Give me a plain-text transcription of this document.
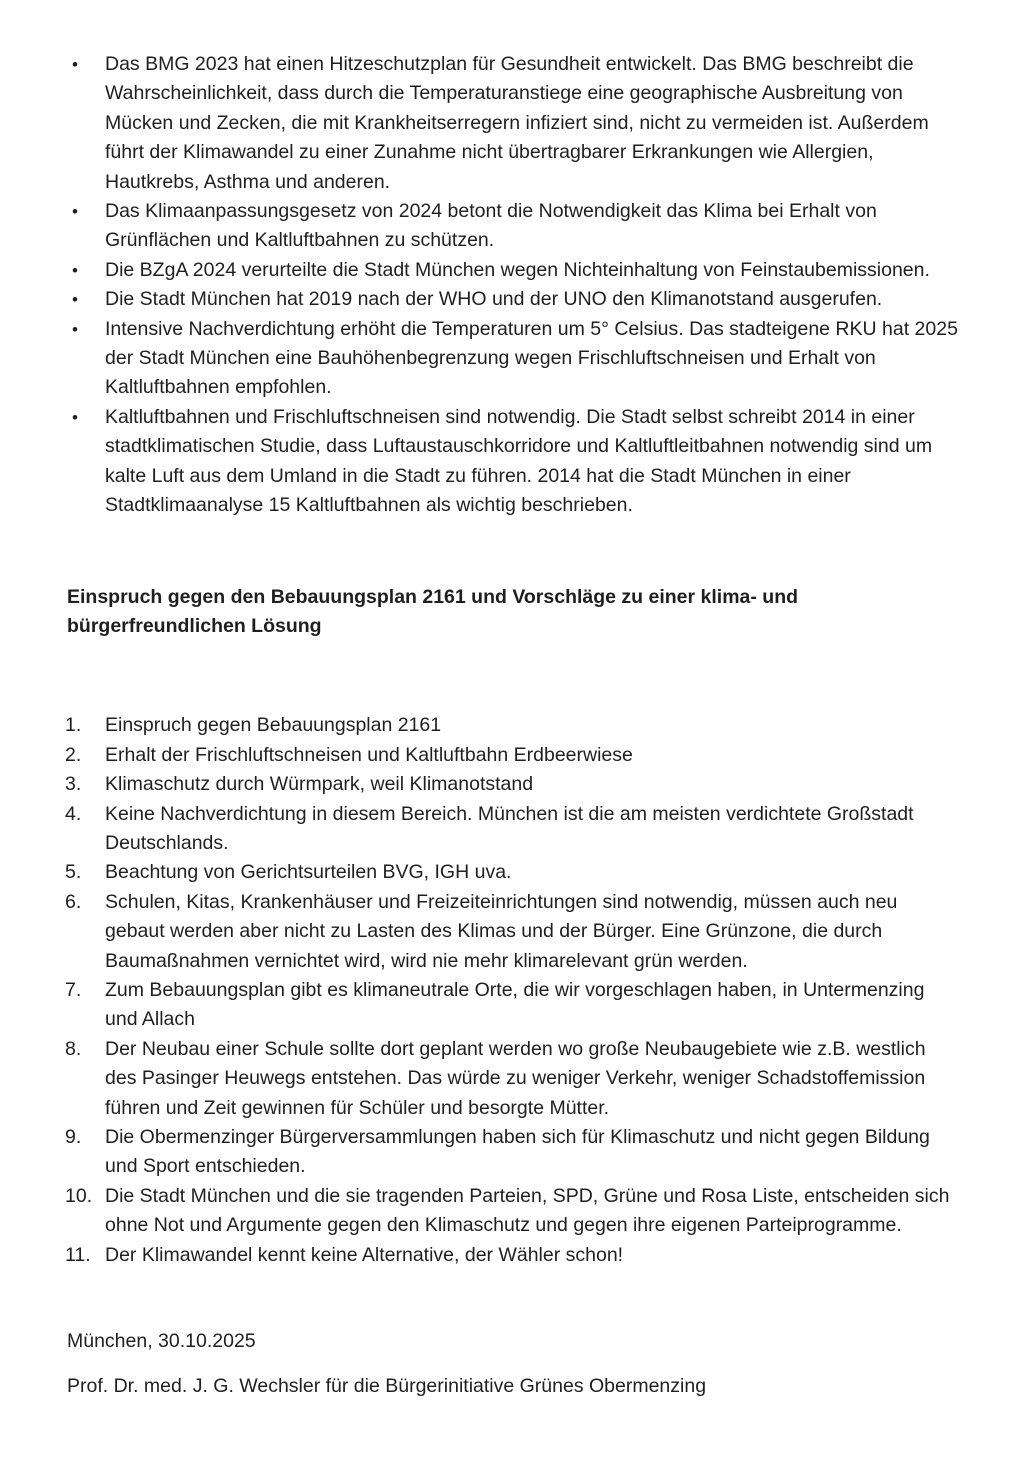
•	Das BMG 2023 hat einen Hitzeschutzplan für Gesundheit entwickelt. Das BMG beschreibt die Wahrscheinlichkeit, dass durch die Temperaturanstiege eine geographische Ausbreitung von Mücken und Zecken, die mit Krankheitserregern infiziert sind, nicht zu vermeiden ist. Außerdem führt der Klimawandel zu einer Zunahme nicht übertragbarer Erkrankungen wie Allergien, Hautkrebs, Asthma und anderen.
•	Das Klimaanpassungsgesetz von 2024 betont die Notwendigkeit das Klima bei Erhalt von Grünflächen und Kaltluftbahnen zu schützen.
•	Die BZgA 2024 verurteilte die Stadt München wegen Nichteinhaltung von Feinstaubemissionen.
•	Die Stadt München hat 2019 nach der WHO und der UNO den Klimanotstand ausgerufen.
•	Intensive Nachverdichtung erhöht die Temperaturen um 5° Celsius. Das stadteigene RKU hat 2025 der Stadt München eine Bauhöhenbegrenzung wegen Frischluftschneisen und Erhalt von Kaltluftbahnen empfohlen.
•	Kaltluftbahnen und Frischluftschneisen sind notwendig. Die Stadt selbst schreibt 2014 in einer stadtklimatischen Studie, dass Luftaustauschkorridore und Kaltluftleitbahnen notwendig sind um kalte Luft aus dem Umland in die Stadt zu führen. 2014 hat die Stadt München in einer Stadtklimaanalyse 15 Kaltluftbahnen als wichtig beschrieben.

Einspruch gegen den Bebauungsplan 2161 und Vorschläge zu einer klima- und bürgerfreundlichen Lösung

1.	Einspruch gegen Bebauungsplan 2161
2.	Erhalt der Frischluftschneisen und Kaltluftbahn Erdbeerwiese
3.	Klimaschutz durch Würmpark, weil Klimanotstand
4.	Keine Nachverdichtung in diesem Bereich. München ist die am meisten verdichtete Großstadt Deutschlands.
5.	Beachtung von Gerichtsurteilen BVG, IGH uva.
6.	Schulen, Kitas, Krankenhäuser und Freizeiteinrichtungen sind notwendig, müssen auch neu gebaut werden aber nicht zu Lasten des Klimas und der Bürger. Eine Grünzone, die durch Baumaßnahmen vernichtet wird, wird nie mehr klimarelevant grün werden.
7.	Zum Bebauungsplan gibt es klimaneutrale Orte, die wir vorgeschlagen haben, in Untermenzing und Allach
8.	Der Neubau einer Schule sollte dort geplant werden wo große Neubaugebiete wie z.B. westlich des Pasinger Heuwegs entstehen. Das würde zu weniger Verkehr, weniger Schadstoffemission führen und Zeit gewinnen für Schüler und besorgte Mütter.
9.	Die Obermenzinger Bürgerversammlungen haben sich für Klimaschutz und nicht gegen Bildung und Sport entschieden.
10. Die Stadt München und die sie tragenden Parteien, SPD, Grüne und Rosa Liste, entscheiden sich ohne Not und Argumente gegen den Klimaschutz und gegen ihre eigenen Parteiprogramme.
11. Der Klimawandel kennt keine Alternative, der Wähler schon!

München, 30.10.2025

Prof. Dr. med. J. G. Wechsler für die Bürgerinitiative Grünes Obermenzing
